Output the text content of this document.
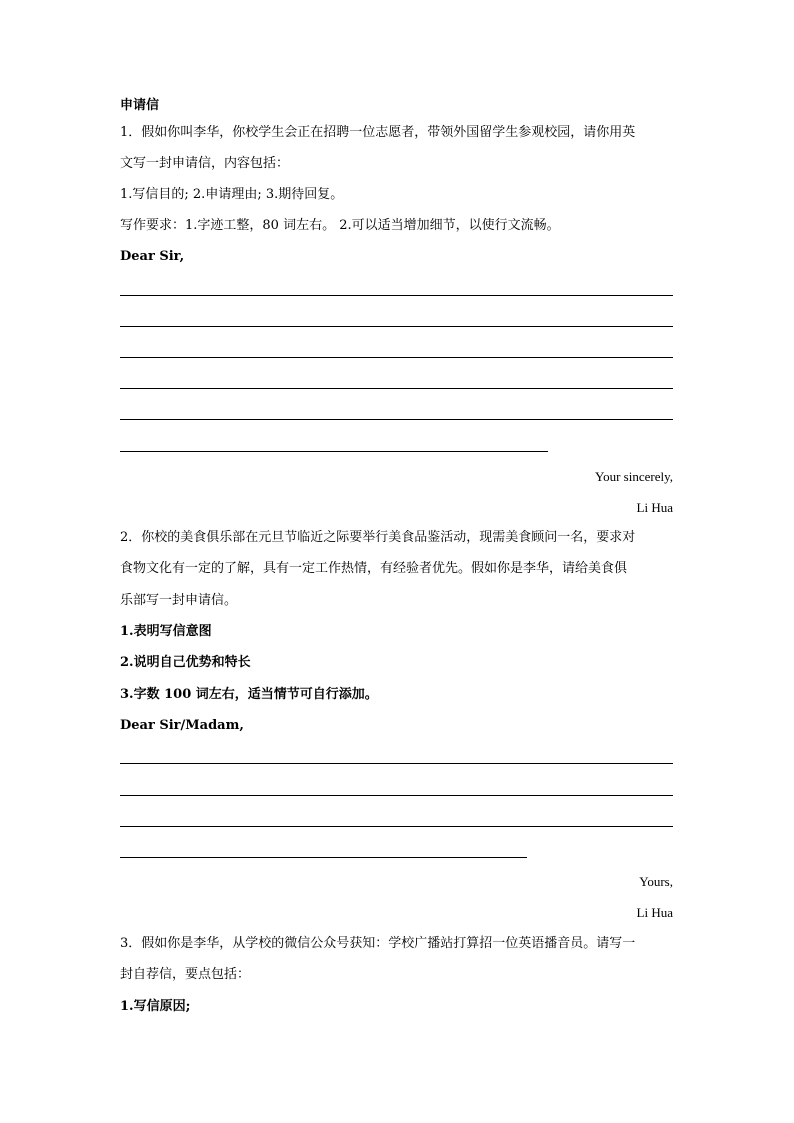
申请信
1．假如你叫李华，你校学生会正在招聘一位志愿者，带领外国留学生参观校园，请你用英
文写一封申请信，内容包括：
1.写信目的; 2.申请理由; 3.期待回复。
写作要求：1.字迹工整，80 词左右。 2.可以适当增加细节，以使行文流畅。
Dear Sir,
Your sincerely,
Li Hua
2．你校的美食俱乐部在元旦节临近之际要举行美食品鉴活动，现需美食顾问一名，要求对
食物文化有一定的了解，具有一定工作热情，有经验者优先。假如你是李华，请给美食俱
乐部写一封申请信。
1.表明写信意图
2.说明自己优势和特长
3.字数 100 词左右，适当情节可自行添加。
Dear Sir/Madam,
Yours,
Li Hua
3．假如你是李华，从学校的微信公众号获知：学校广播站打算招一位英语播音员。请写一
封自荐信，要点包括：
1.写信原因;
